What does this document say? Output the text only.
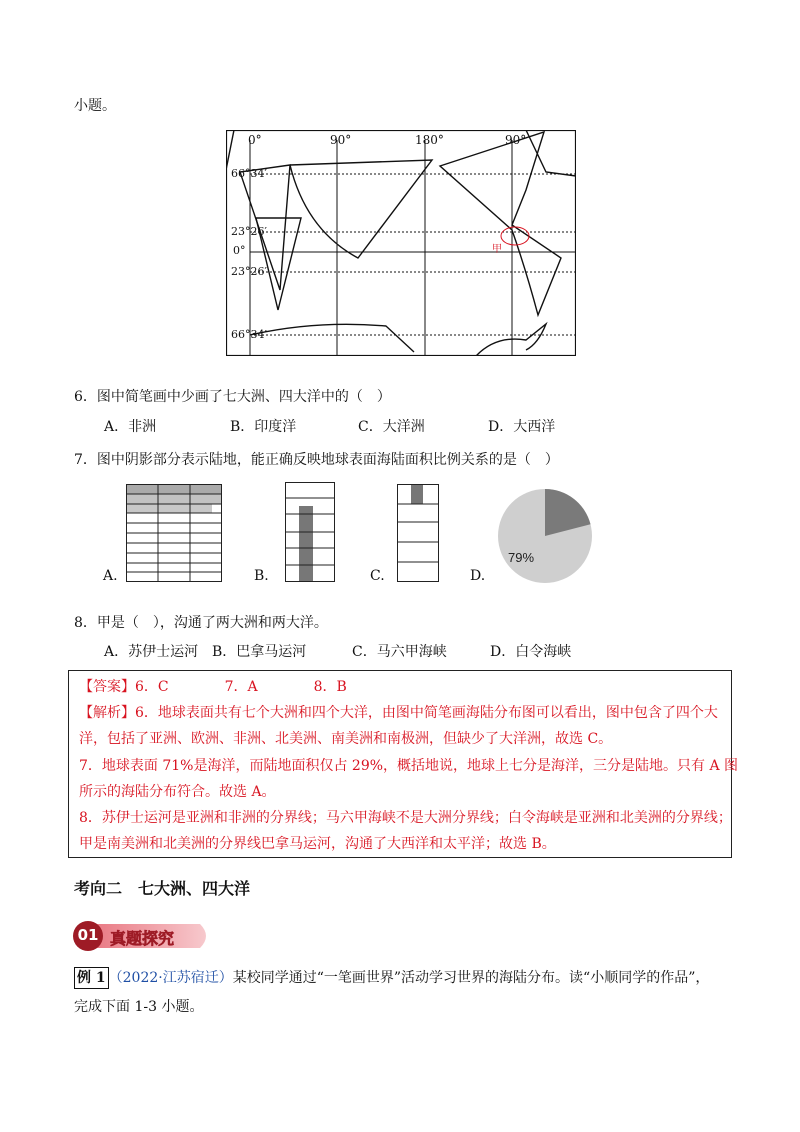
小题。
0°	90°	180°	90°
66°34′
23°26′
0°
23°26′
66°34′
甲
6．图中简笔画中少画了七大洲、四大洋中的（　）
A．非洲	B．印度洋	C．大洋洲	D．大西洋
7．图中阴影部分表示陆地，能正确反映地球表面海陆面积比例关系的是（　）
A.	B.	C.
79%
D.
8．甲是（　），沟通了两大洲和两大洋。
A．苏伊士运河 B．巴拿马运河	C．马六甲海峡	D．白令海峡
【答案】6．C　　　　7．A　　　　8．B
【解析】6．地球表面共有七个大洲和四个大洋，由图中简笔画海陆分布图可以看出，图中包含了四个大
洋，包括了亚洲、欧洲、非洲、北美洲、南美洲和南极洲，但缺少了大洋洲，故选 C。
7．地球表面 71%是海洋，而陆地面积仅占 29%，概括地说，地球上七分是海洋，三分是陆地。只有 A 图
所示的海陆分布符合。故选 A。
8．苏伊士运河是亚洲和非洲的分界线；马六甲海峡不是大洲分界线；白令海峡是亚洲和北美洲的分界线；
甲是南美洲和北美洲的分界线巴拿马运河，沟通了大西洋和太平洋；故选 B。
考向二　七大洲、四大洋
01 真题探究
例 1 （2022·江苏宿迁）某校同学通过“一笔画世界”活动学习世界的海陆分布。读“小顺同学的作品”，
完成下面 1-3 小题。
